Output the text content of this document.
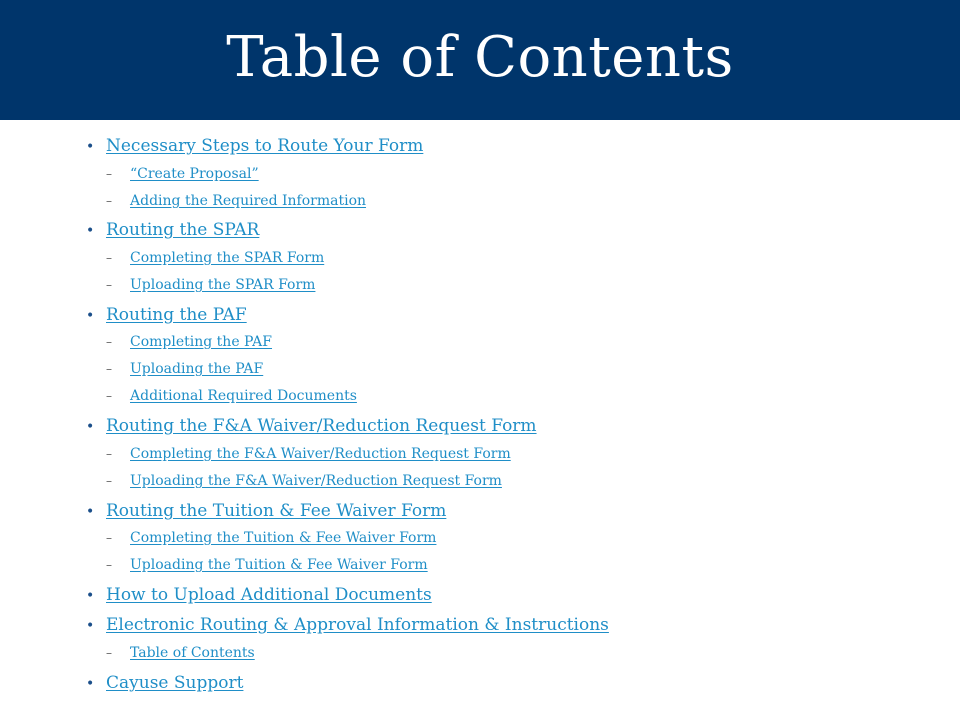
Table of Contents
• Necessary Steps to Route Your Form
–	“Create Proposal”
–	Adding the Required Information
• Routing the SPAR
–	Completing the SPAR Form
–	Uploading the SPAR Form
• Routing the PAF
–	Completing the PAF
–	Uploading the PAF
–	Additional Required Documents
• Routing the F&A Waiver/Reduction Request Form
–	Completing the F&A Waiver/Reduction Request Form
–	Uploading the F&A Waiver/Reduction Request Form
• Routing the Tuition & Fee Waiver Form
–	Completing the Tuition & Fee Waiver Form
–	Uploading the Tuition & Fee Waiver Form
• How to Upload Additional Documents
• Electronic Routing & Approval Information & Instructions
–	Table of Contents
• Cayuse Support
